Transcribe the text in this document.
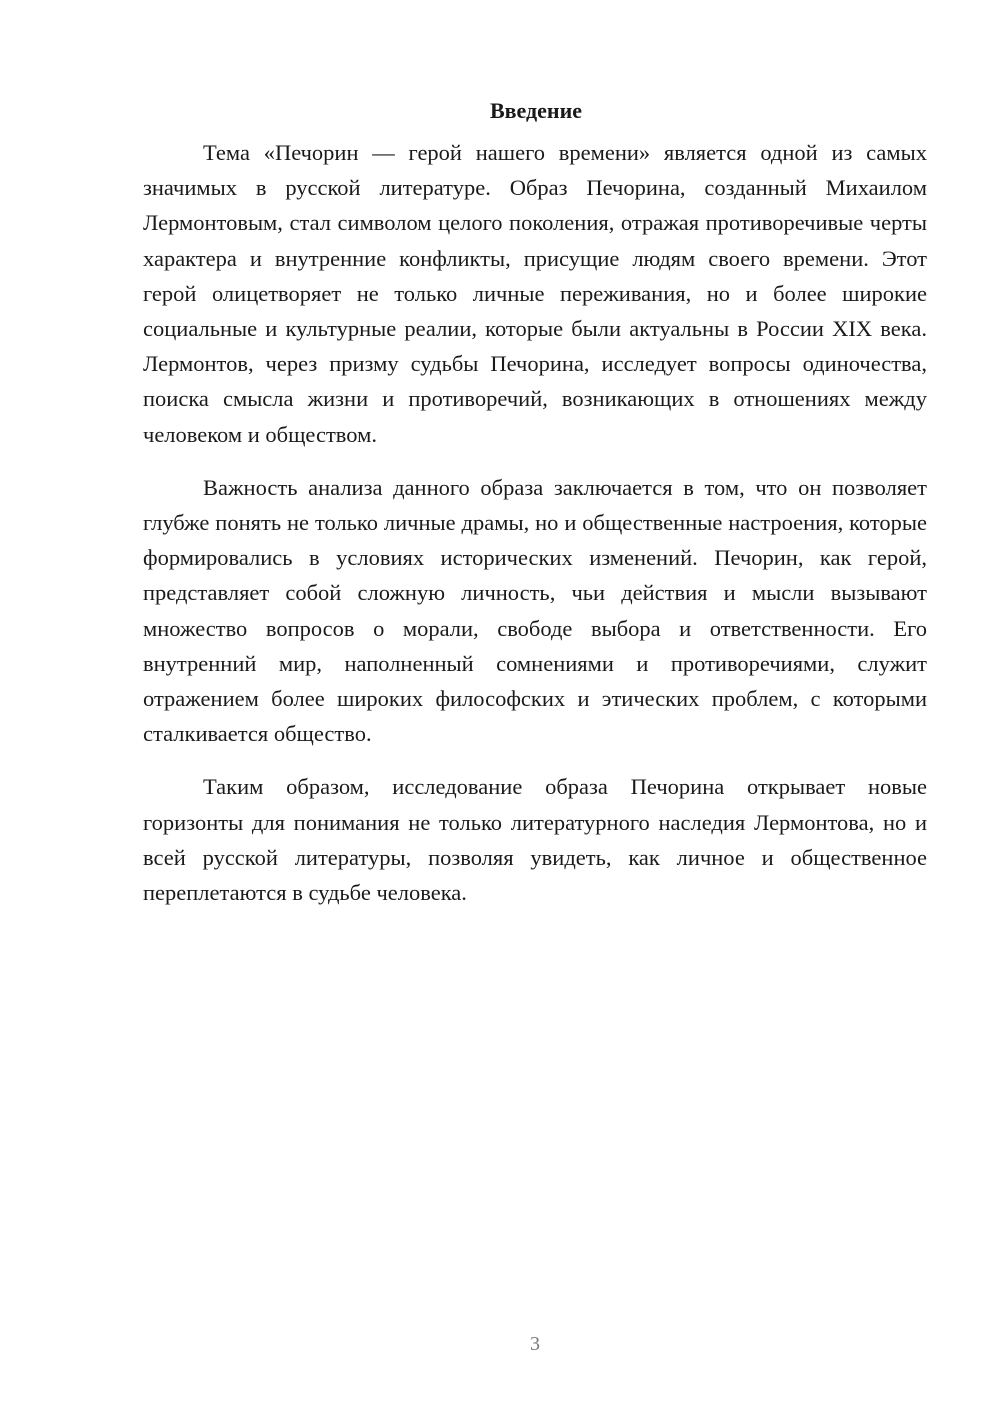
Введение

Тема «Печорин — герой нашего времени» является одной из самых значимых в русской литературе. Образ Печорина, созданный Михаилом Лермонтовым, стал символом целого поколения, отражая противоречивые черты характера и внутренние конфликты, присущие людям своего времени. Этот герой олицетворяет не только личные переживания, но и более широкие социальные и культурные реалии, которые были актуальны в России XIX века. Лермонтов, через призму судьбы Печорина, исследует вопросы одиночества, поиска смысла жизни и противоречий, возникающих в отношениях между человеком и обществом.

Важность анализа данного образа заключается в том, что он позволяет глубже понять не только личные драмы, но и общественные настроения, которые формировались в условиях исторических изменений. Печорин, как герой, представляет собой сложную личность, чьи действия и мысли вызывают множество вопросов о морали, свободе выбора и ответственности. Его внутренний мир, наполненный сомнениями и противоречиями, служит отражением более широких философских и этических проблем, с которыми сталкивается общество.

Таким образом, исследование образа Печорина открывает новые горизонты для понимания не только литературного наследия Лермонтова, но и всей русской литературы, позволяя увидеть, как личное и общественное переплетаются в судьбе человека.

3
